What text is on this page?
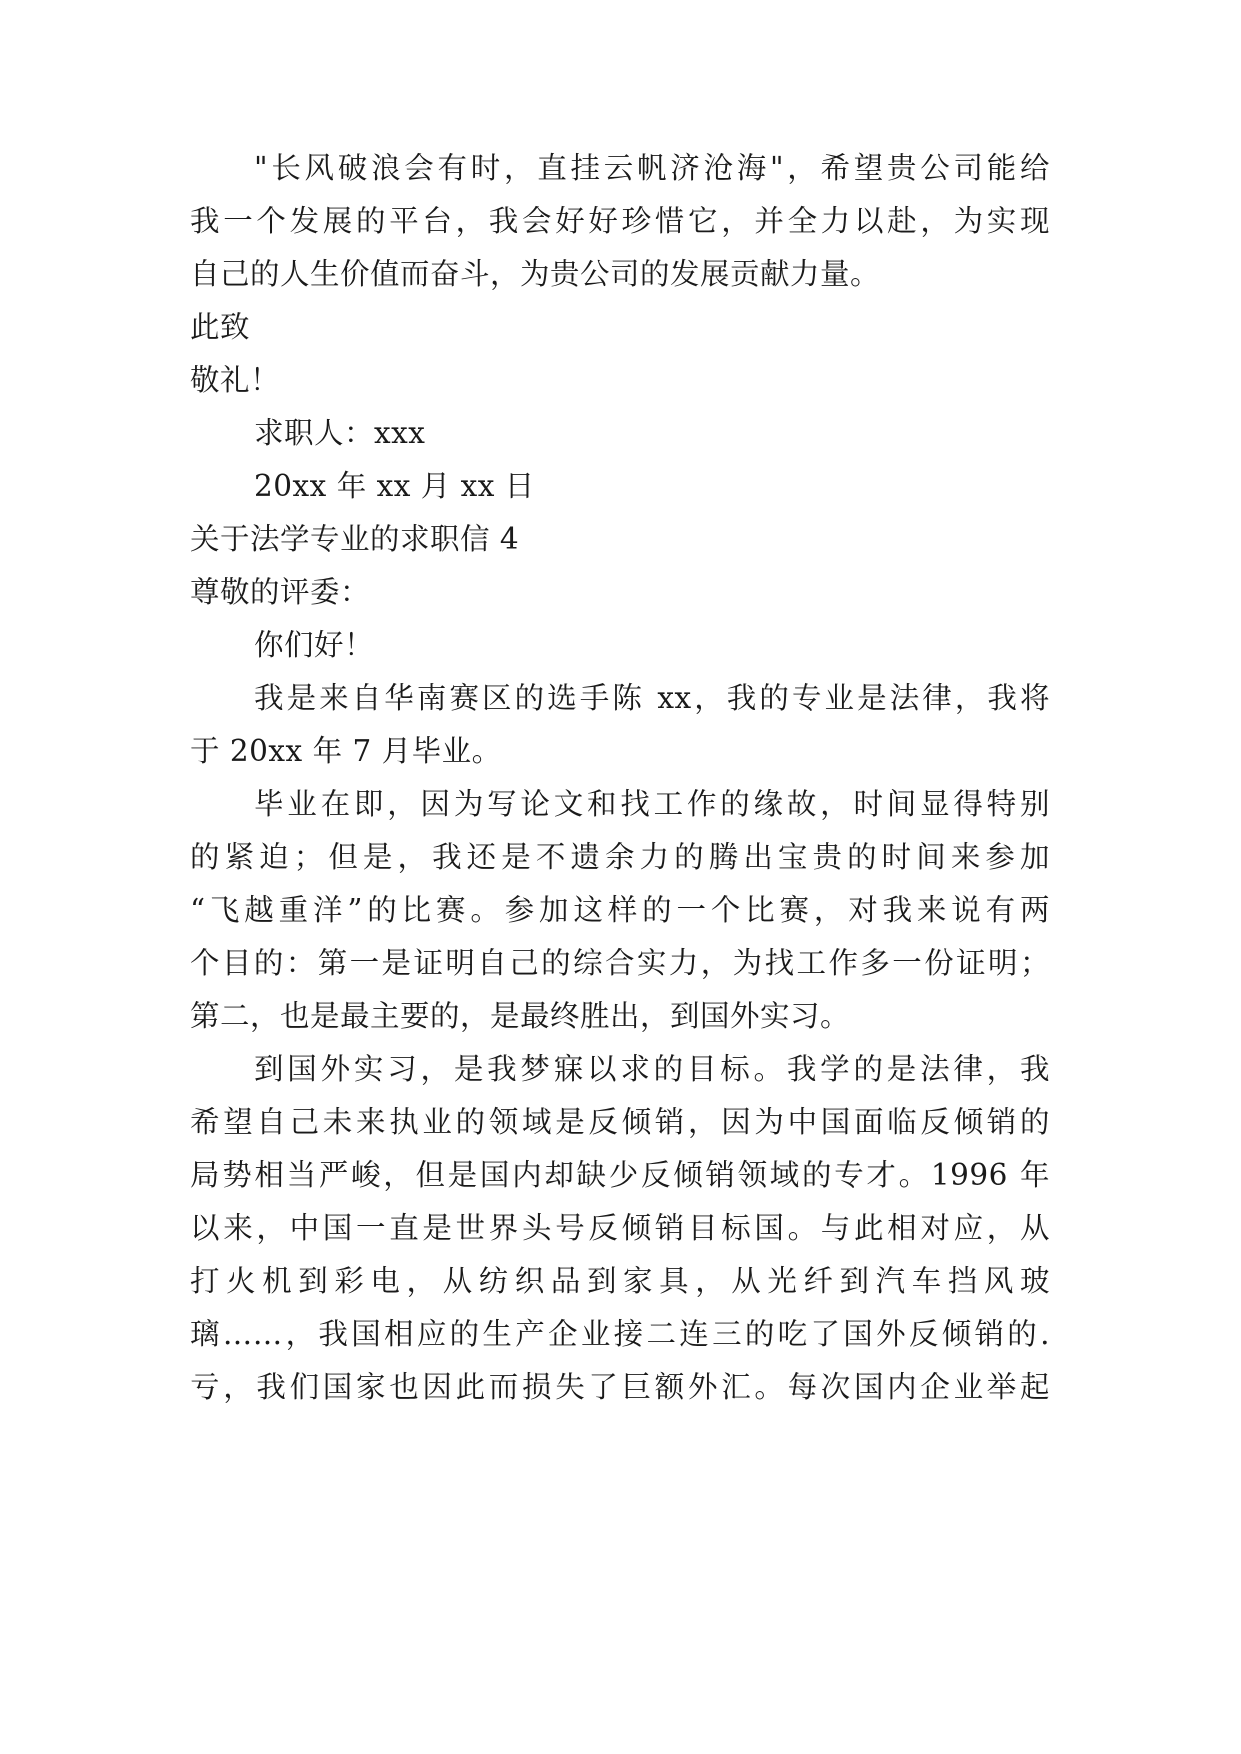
"长风破浪会有时，直挂云帆济沧海"，希望贵公司能给
我一个发展的平台，我会好好珍惜它，并全力以赴，为实现
自己的人生价值而奋斗，为贵公司的发展贡献力量。
此致
敬礼！
求职人：xxx
20xx 年 xx 月 xx 日
关于法学专业的求职信 4
尊敬的评委：
你们好！
我是来自华南赛区的选手陈 xx，我的专业是法律，我将
于 20xx 年 7 月毕业。
毕业在即，因为写论文和找工作的缘故，时间显得特别
的紧迫；但是，我还是不遗余力的腾出宝贵的时间来参加
“飞越重洋”的比赛。参加这样的一个比赛，对我来说有两
个目的：第一是证明自己的综合实力，为找工作多一份证明；
第二，也是最主要的，是最终胜出，到国外实习。
到国外实习，是我梦寐以求的目标。我学的是法律，我
希望自己未来执业的领域是反倾销，因为中国面临反倾销的
局势相当严峻，但是国内却缺少反倾销领域的专才。1996 年
以来，中国一直是世界头号反倾销目标国。与此相对应，从
打火机到彩电，从纺织品到家具，从光纤到汽车挡风玻
璃……，我国相应的生产企业接二连三的吃了国外反倾销的.
亏，我们国家也因此而损失了巨额外汇。每次国内企业举起
